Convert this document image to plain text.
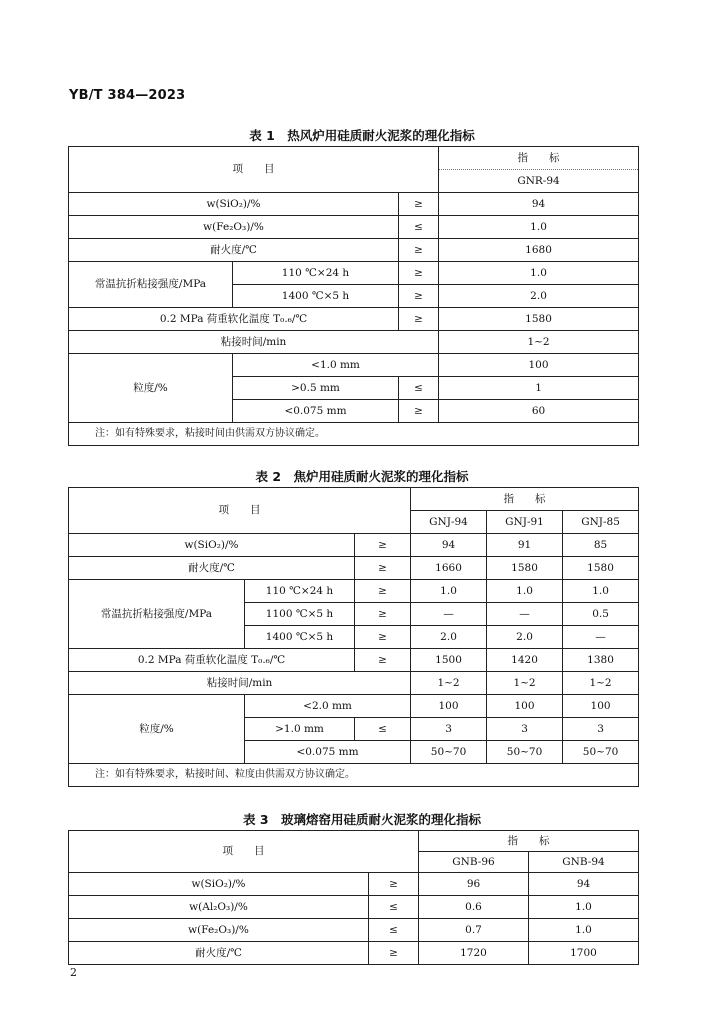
YB/T 384—2023
表 1　热风炉用硅质耐火泥浆的理化指标
项　　目			指　　标
			GNR-94
w(SiO₂)/%		≥	94
w(Fe₂O₃)/%		≤	1.0
耐火度/℃		≥	1680
常温抗折粘接强度/MPa	110 ℃×24 h	≥	1.0
	1400 ℃×5 h	≥	2.0
0.2 MPa 荷重软化温度 T₀.₆/℃		≥	1580
粘接时间/min			1~2
粒度/%	<1.0 mm		100
	>0.5 mm	≤	1
	<0.075 mm	≥	60
注：如有特殊要求，粘接时间由供需双方协议确定。			
表 2　焦炉用硅质耐火泥浆的理化指标
项　　目			指　　标		
			GNJ-94	GNJ-91	GNJ-85
w(SiO₂)/%		≥	94	91	85
耐火度/℃		≥	1660	1580	1580
常温抗折粘接强度/MPa	110 ℃×24 h	≥	1.0	1.0	1.0
	1100 ℃×5 h	≥	—	—	0.5
	1400 ℃×5 h	≥	2.0	2.0	—
0.2 MPa 荷重软化温度 T₀.₆/℃		≥	1500	1420	1380
粘接时间/min			1~2	1~2	1~2
粒度/%	<2.0 mm		100	100	100
	>1.0 mm	≤	3	3	3
	<0.075 mm		50~70	50~70	50~70
注：如有特殊要求，粘接时间、粒度由供需双方协议确定。					
表 3　玻璃熔窑用硅质耐火泥浆的理化指标
项　　目		指　　标	
		GNB-96	GNB-94
w(SiO₂)/%	≥	96	94
w(Al₂O₃)/%	≤	0.6	1.0
w(Fe₂O₃)/%	≤	0.7	1.0
耐火度/℃	≥	1720	1700
2
